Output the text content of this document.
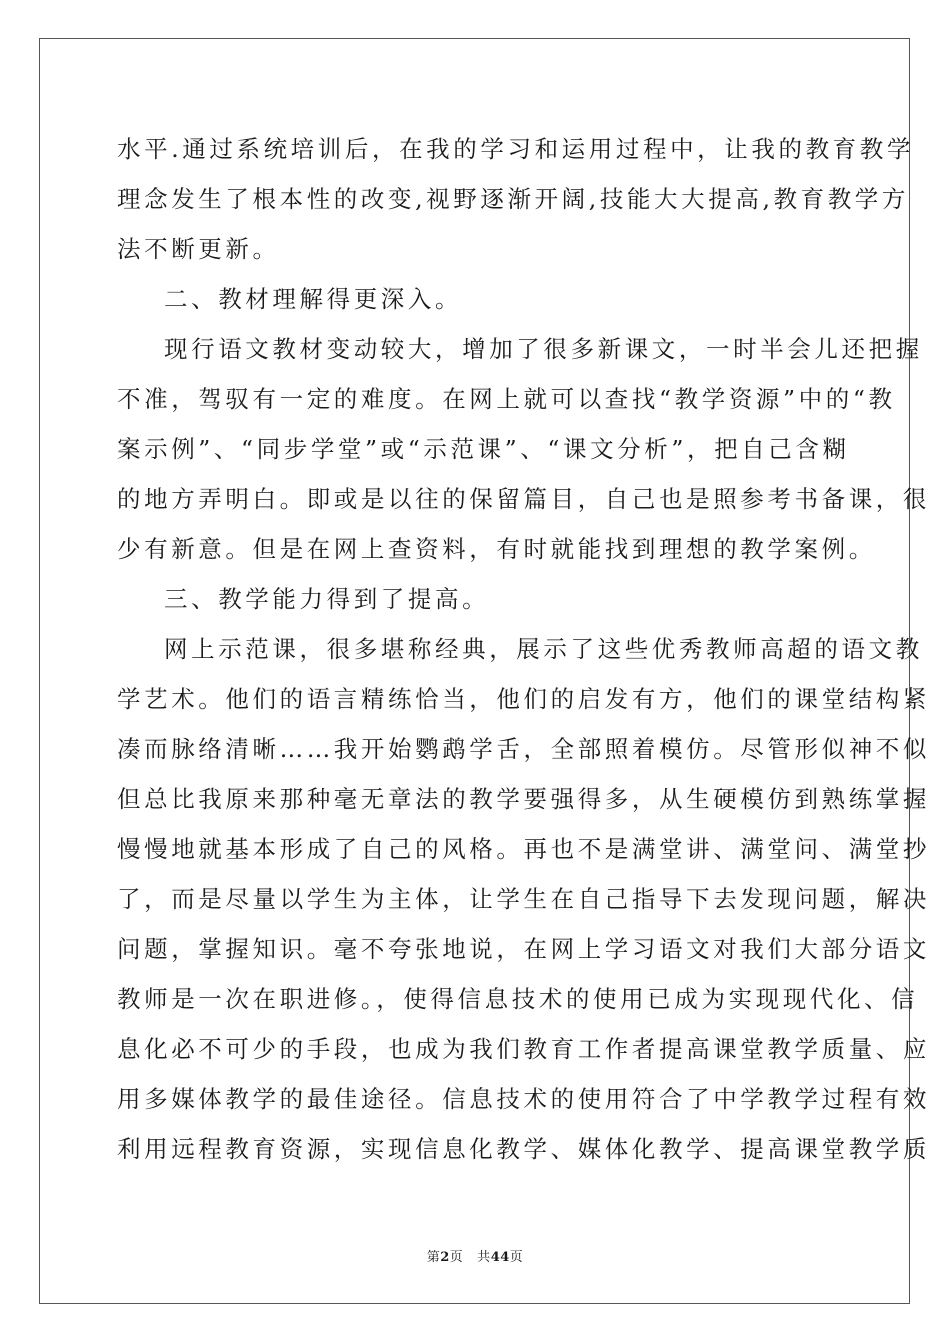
水平.通过系统培训后，在我的学习和运用过程中，让我的教育教学
理念发生了根本性的改变,视野逐渐开阔,技能大大提高,教育教学方
法不断更新。
二、教材理解得更深入。
现行语文教材变动较大，增加了很多新课文，一时半会儿还把握
不准，驾驭有一定的难度。在网上就可以查找“教学资源”中的“教
案示例”、“同步学堂”或“示范课”、“课文分析”，把自己含糊
的地方弄明白。即或是以往的保留篇目，自己也是照参考书备课，很
少有新意。但是在网上查资料，有时就能找到理想的教学案例。
三、教学能力得到了提高。
网上示范课，很多堪称经典，展示了这些优秀教师高超的语文教
学艺术。他们的语言精练恰当，他们的启发有方，他们的课堂结构紧
凑而脉络清晰……我开始鹦鹉学舌，全部照着模仿。尽管形似神不似
但总比我原来那种毫无章法的教学要强得多，从生硬模仿到熟练掌握
慢慢地就基本形成了自己的风格。再也不是满堂讲、满堂问、满堂抄
了，而是尽量以学生为主体，让学生在自己指导下去发现问题，解决
问题，掌握知识。毫不夸张地说，在网上学习语文对我们大部分语文
教师是一次在职进修。，使得信息技术的使用已成为实现现代化、信
息化必不可少的手段，也成为我们教育工作者提高课堂教学质量、应
用多媒体教学的最佳途径。信息技术的使用符合了中学教学过程有效
利用远程教育资源，实现信息化教学、媒体化教学、提高课堂教学质
第2页 共44页
